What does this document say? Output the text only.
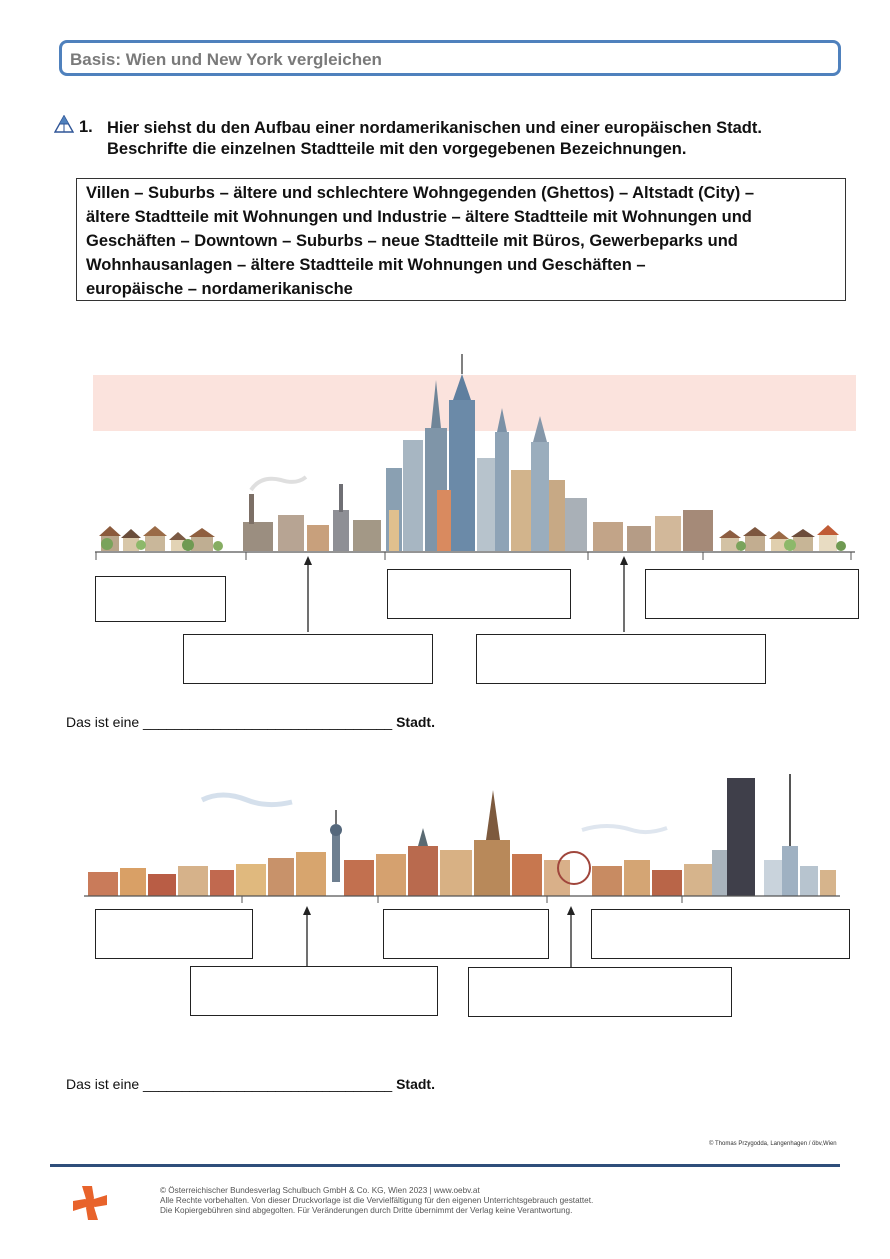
Basis: Wien und New York vergleichen
1. Hier siehst du den Aufbau einer nordamerikanischen und einer europäischen Stadt.
Beschrifte die einzelnen Stadtteile mit den vorgegebenen Bezeichnungen.
Villen – Suburbs – ältere und schlechtere Wohngegenden (Ghettos) – Altstadt (City) –
ältere Stadtteile mit Wohnungen und Industrie – ältere Stadtteile mit Wohnungen und
Geschäften – Downtown – Suburbs – neue Stadtteile mit Büros, Gewerbeparks und
Wohnhausanlagen – ältere Stadtteile mit Wohnungen und Geschäften –
europäische – nordamerikanische
Das ist eine ________________________________ Stadt.
Das ist eine ________________________________ Stadt.
© Thomas Przygodda, Langenhagen / öbv,Wien
© Österreichischer Bundesverlag Schulbuch GmbH & Co. KG, Wien 2023 | www.oebv.at
Alle Rechte vorbehalten. Von dieser Druckvorlage ist die Vervielfältigung für den eigenen Unterrichtsgebrauch gestattet.
Die Kopiergebühren sind abgegolten. Für Veränderungen durch Dritte übernimmt der Verlag keine Verantwortung.
